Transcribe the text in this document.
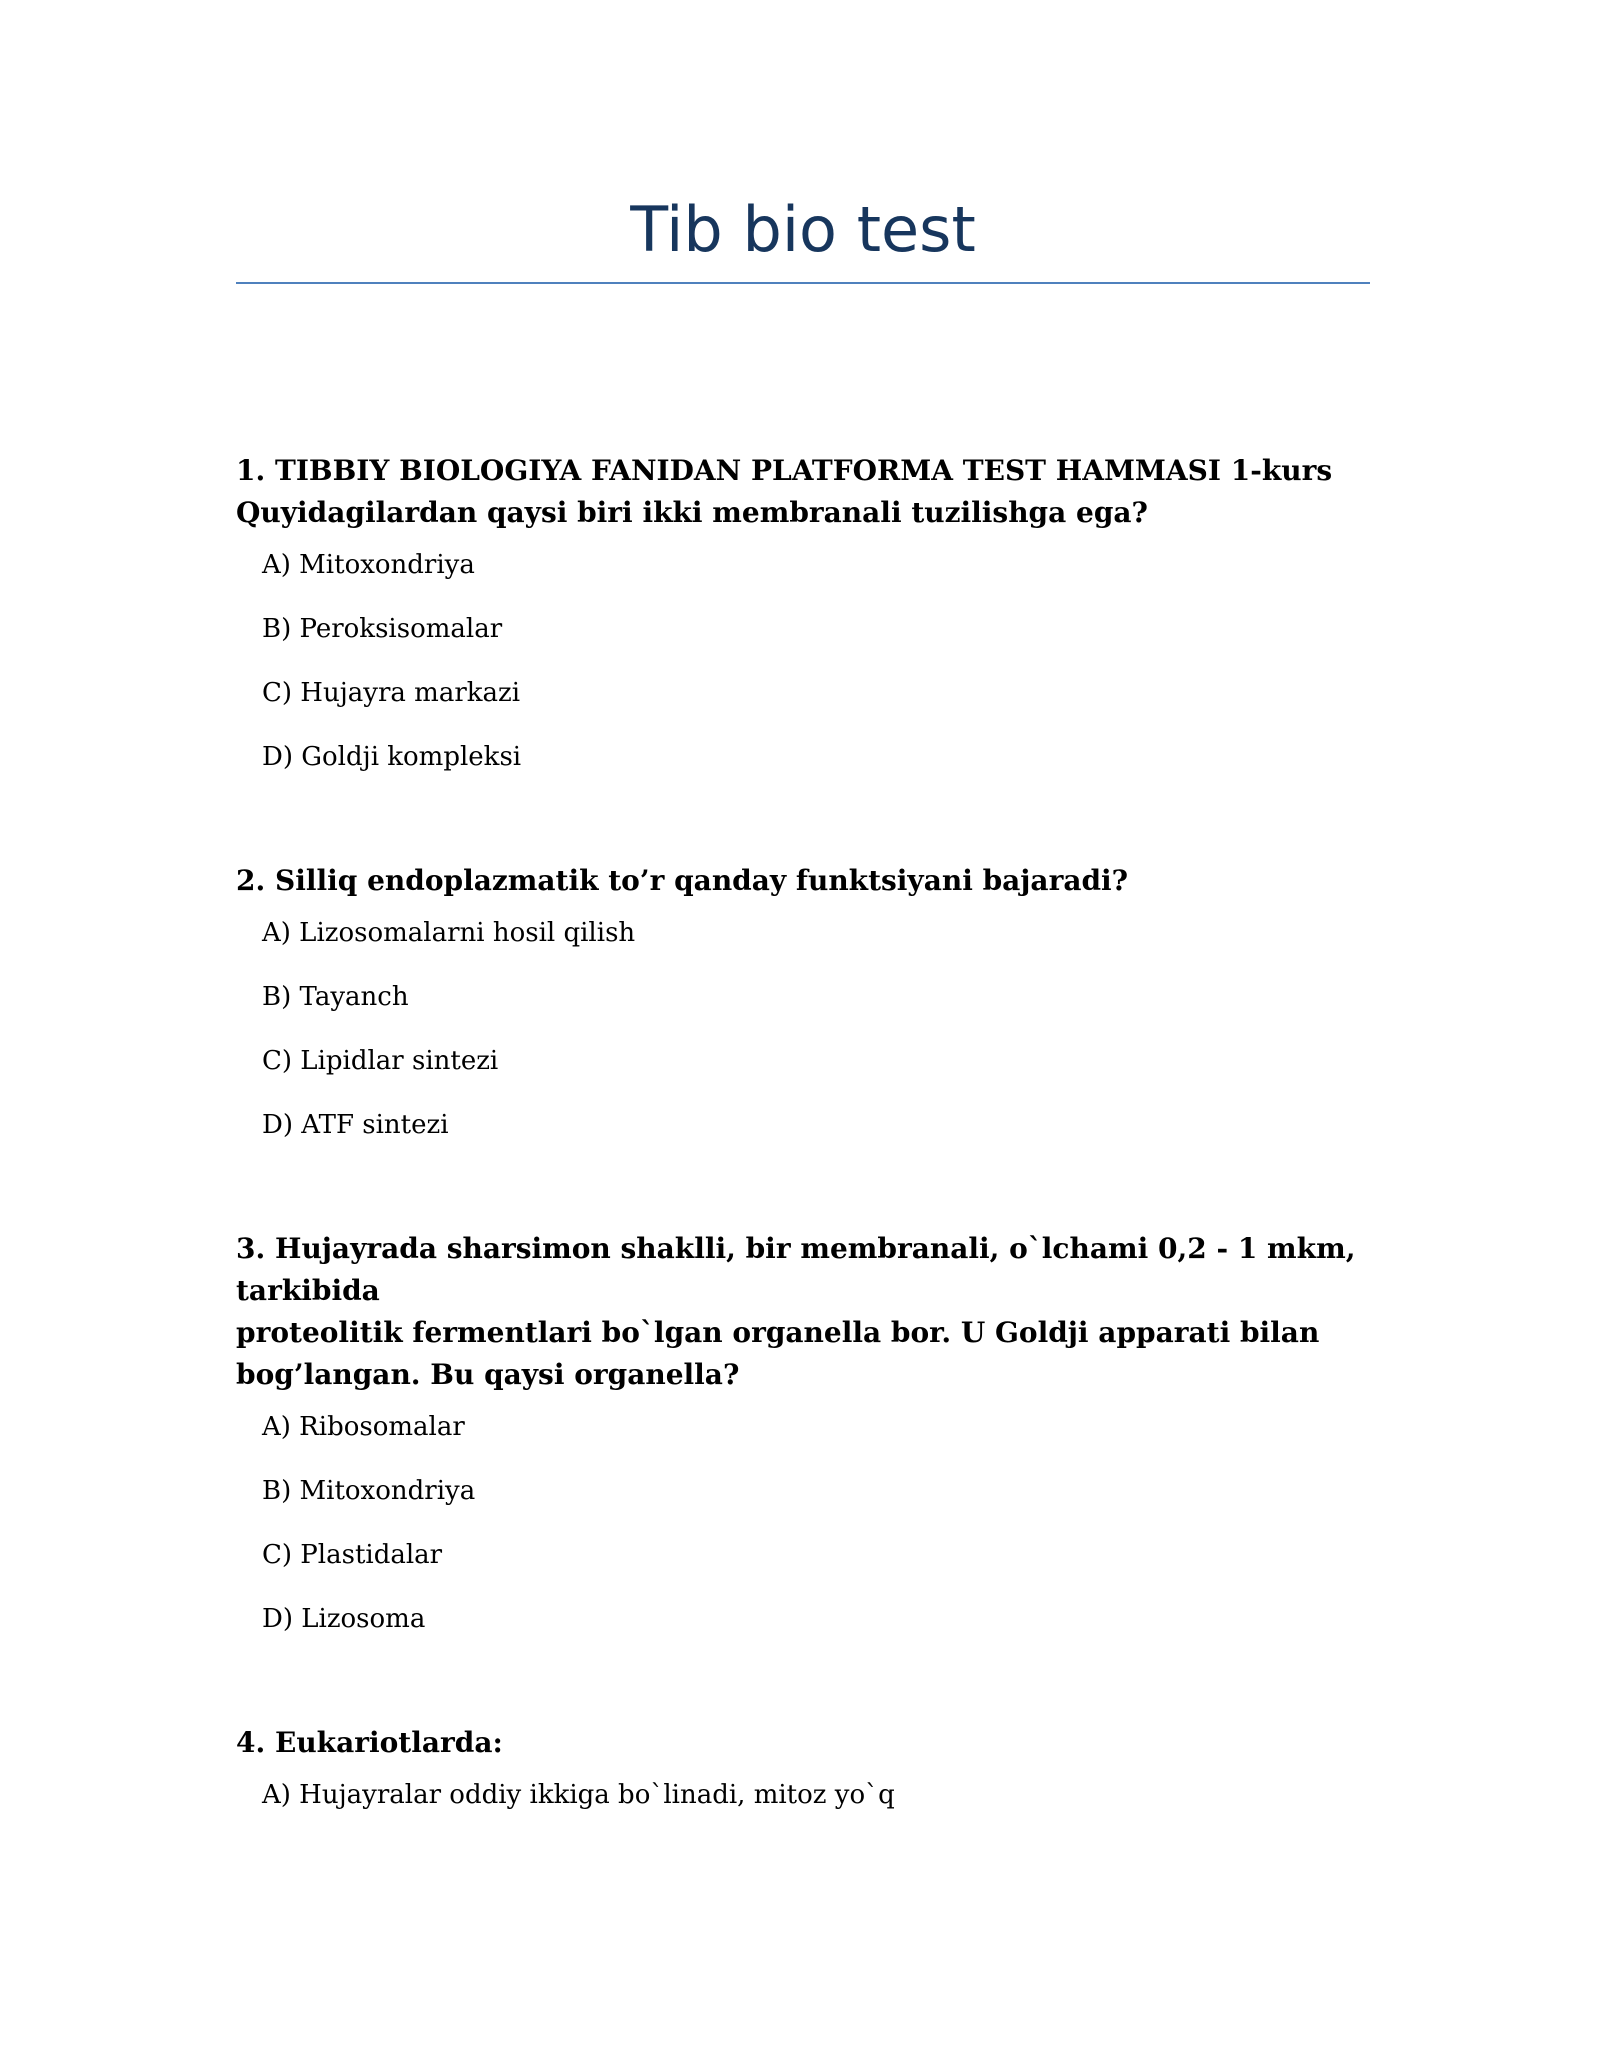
Tib bio test

1. TIBBIY BIOLOGIYA FANIDAN PLATFORMA TEST HAMMASI 1-kurs
Quyidagilardan qaysi biri ikki membranali tuzilishga ega?

A) Mitoxondriya
B) Peroksisomalar
C) Hujayra markazi
D) Goldji kompleksi

2. Silliq endoplazmatik to’r qanday funktsiyani bajaradi?

A) Lizosomalarni hosil qilish
B) Tayanch
C) Lipidlar sintezi
D) ATF sintezi

3. Hujayrada sharsimon shaklli, bir membranali, o`lchami 0,2 - 1 mkm, tarkibida
proteolitik fermentlari bo`lgan organella bor. U Goldji apparati bilan
bog’langan. Bu qaysi organella?

A) Ribosomalar
B) Mitoxondriya
C) Plastidalar
D) Lizosoma

4. Eukariotlarda:

A) Hujayralar oddiy ikkiga bo`linadi, mitoz yo`q
